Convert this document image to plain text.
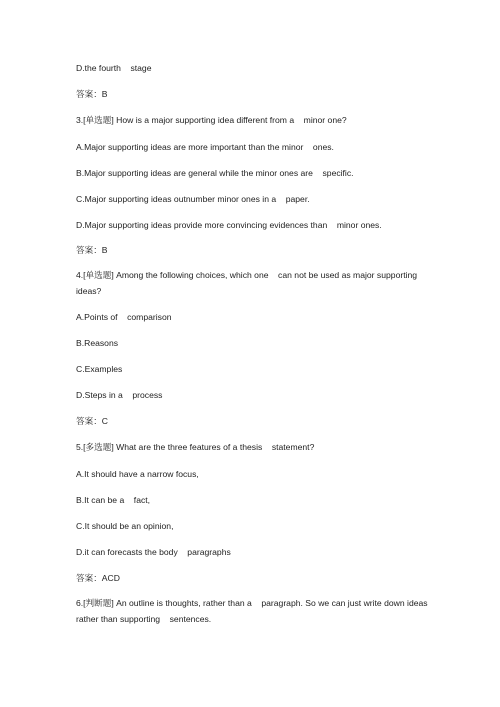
D.the fourth    stage
答案：B
3.[单选题] How is a major supporting idea different from a    minor one?
A.Major supporting ideas are more important than the minor    ones.
B.Major supporting ideas are general while the minor ones are    specific.
C.Major supporting ideas outnumber minor ones in a    paper.
D.Major supporting ideas provide more convincing evidences than    minor ones.
答案：B
4.[单选题] Among the following choices, which one    can not be used as major supporting ideas?
A.Points of    comparison
B.Reasons
C.Examples
D.Steps in a    process
答案：C
5.[多选题] What are the three features of a thesis    statement?
A.It should have a narrow focus,
B.It can be a    fact,
C.It should be an opinion,
D.it can forecasts the body    paragraphs
答案：ACD
6.[判断题] An outline is thoughts, rather than a    paragraph. So we can just write down ideas rather than supporting    sentences.
